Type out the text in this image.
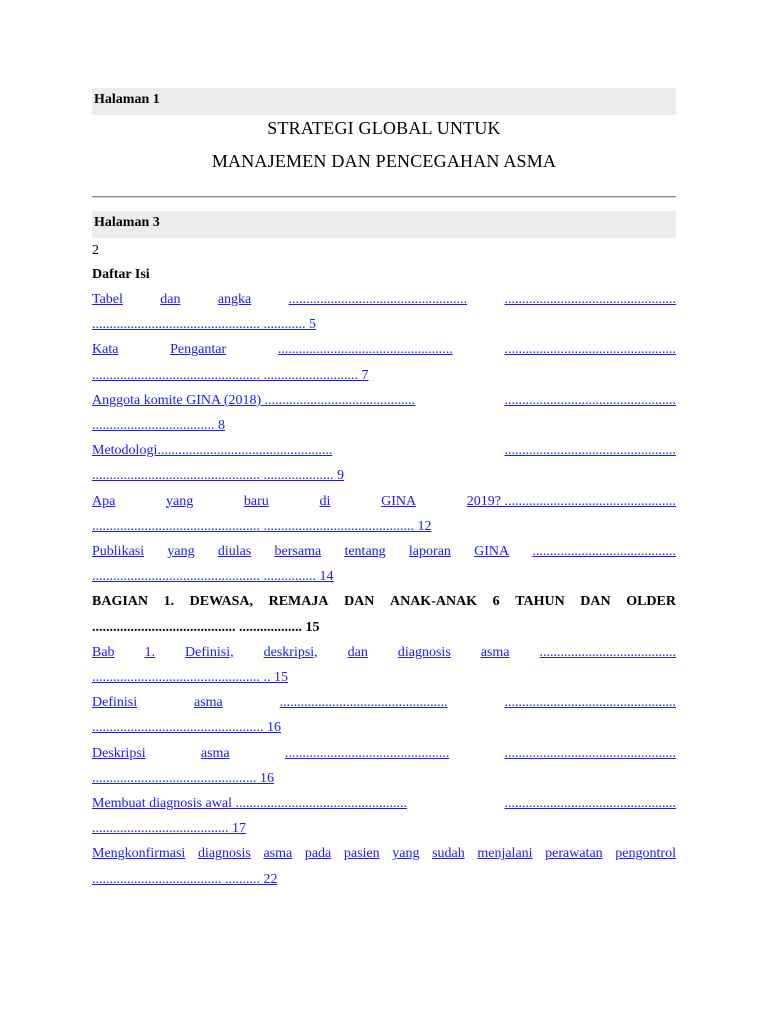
Halaman 1
STRATEGI GLOBAL UNTUK
MANAJEMEN DAN PENCEGAHAN ASMA
Halaman 3
2
Daftar Isi
Tabel	dan	angka	...................................................	.................................................
................................................ ............ 5
Kata	Pengantar	..................................................	.................................................
................................................ ........................... 7
Anggota komite GINA (2018) ...........................................	.................................................
................................... 8
Metodologi..................................................	.................................................
................................................ .................... 9
Apa	yang	baru	di	GINA	2019? .................................................
................................................ ........................................... 12
Publikasi yang diulas bersama tentang laporan GINA .........................................
................................................ ............... 14
BAGIAN 1. DEWASA, REMAJA DAN ANAK-ANAK 6 TAHUN DAN OLDER
......................................... .................. 15
Bab 1. Definisi, deskripsi, dan diagnosis asma .......................................
................................................ .. 15
Definisi	asma	................................................	.................................................
................................................. 16
Deskripsi	asma	...............................................	.................................................
............................................... 16
Membuat diagnosis awal .................................................	.................................................
....................................... 17
Mengkonfirmasi diagnosis asma pada pasien yang sudah menjalani perawatan pengontrol
..................................... .......... 22
